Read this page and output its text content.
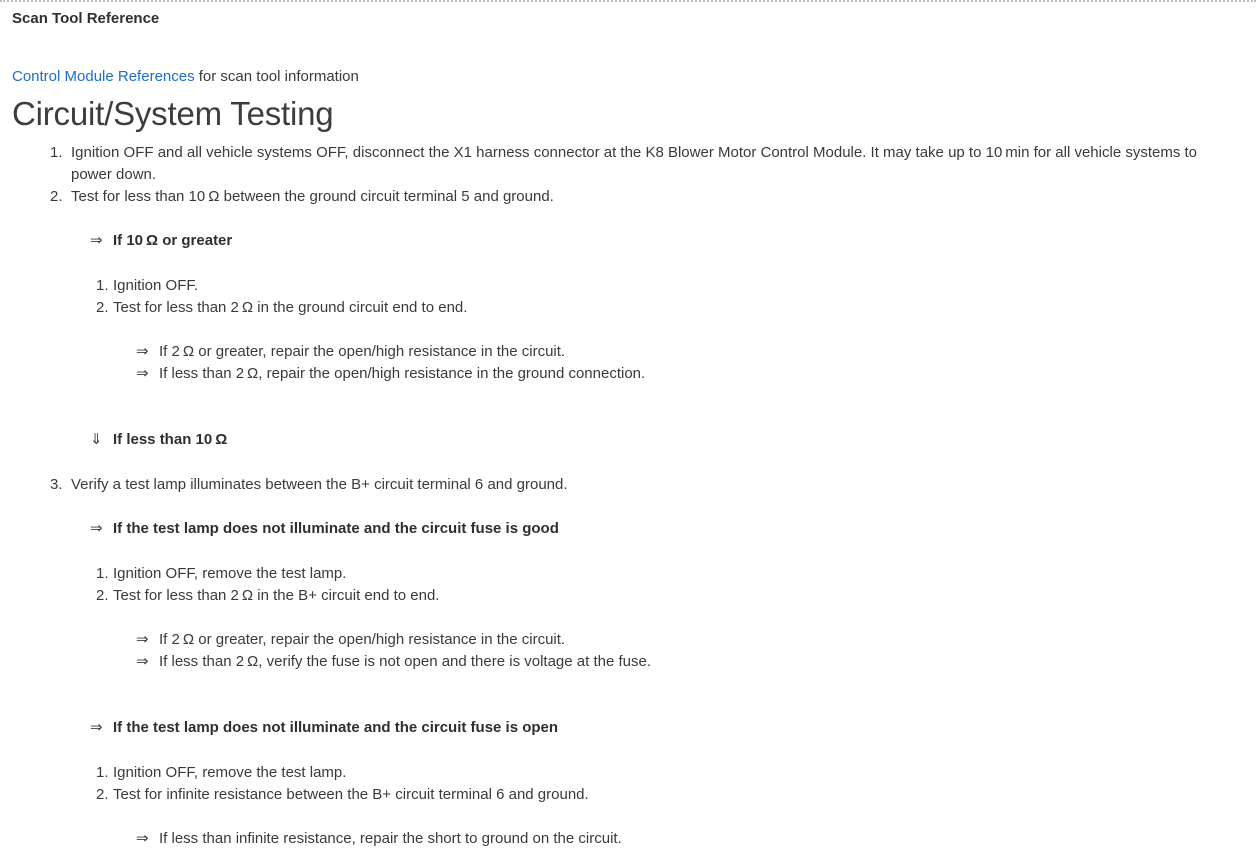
Scan Tool Reference
Control Module References for scan tool information
Circuit/System Testing
1. Ignition OFF and all vehicle systems OFF, disconnect the X1 harness connector at the K8 Blower Motor Control Module. It may take up to 10 min for all vehicle systems to power down.
2. Test for less than 10 Ω between the ground circuit terminal 5 and ground.
⇒ If 10 Ω or greater
1. Ignition OFF.
2. Test for less than 2 Ω in the ground circuit end to end.
⇒ If 2 Ω or greater, repair the open/high resistance in the circuit.
⇒ If less than 2 Ω, repair the open/high resistance in the ground connection.
⇓ If less than 10 Ω
3. Verify a test lamp illuminates between the B+ circuit terminal 6 and ground.
⇒ If the test lamp does not illuminate and the circuit fuse is good
1. Ignition OFF, remove the test lamp.
2. Test for less than 2 Ω in the B+ circuit end to end.
⇒ If 2 Ω or greater, repair the open/high resistance in the circuit.
⇒ If less than 2 Ω, verify the fuse is not open and there is voltage at the fuse.
⇒ If the test lamp does not illuminate and the circuit fuse is open
1. Ignition OFF, remove the test lamp.
2. Test for infinite resistance between the B+ circuit terminal 6 and ground.
⇒ If less than infinite resistance, repair the short to ground on the circuit.
